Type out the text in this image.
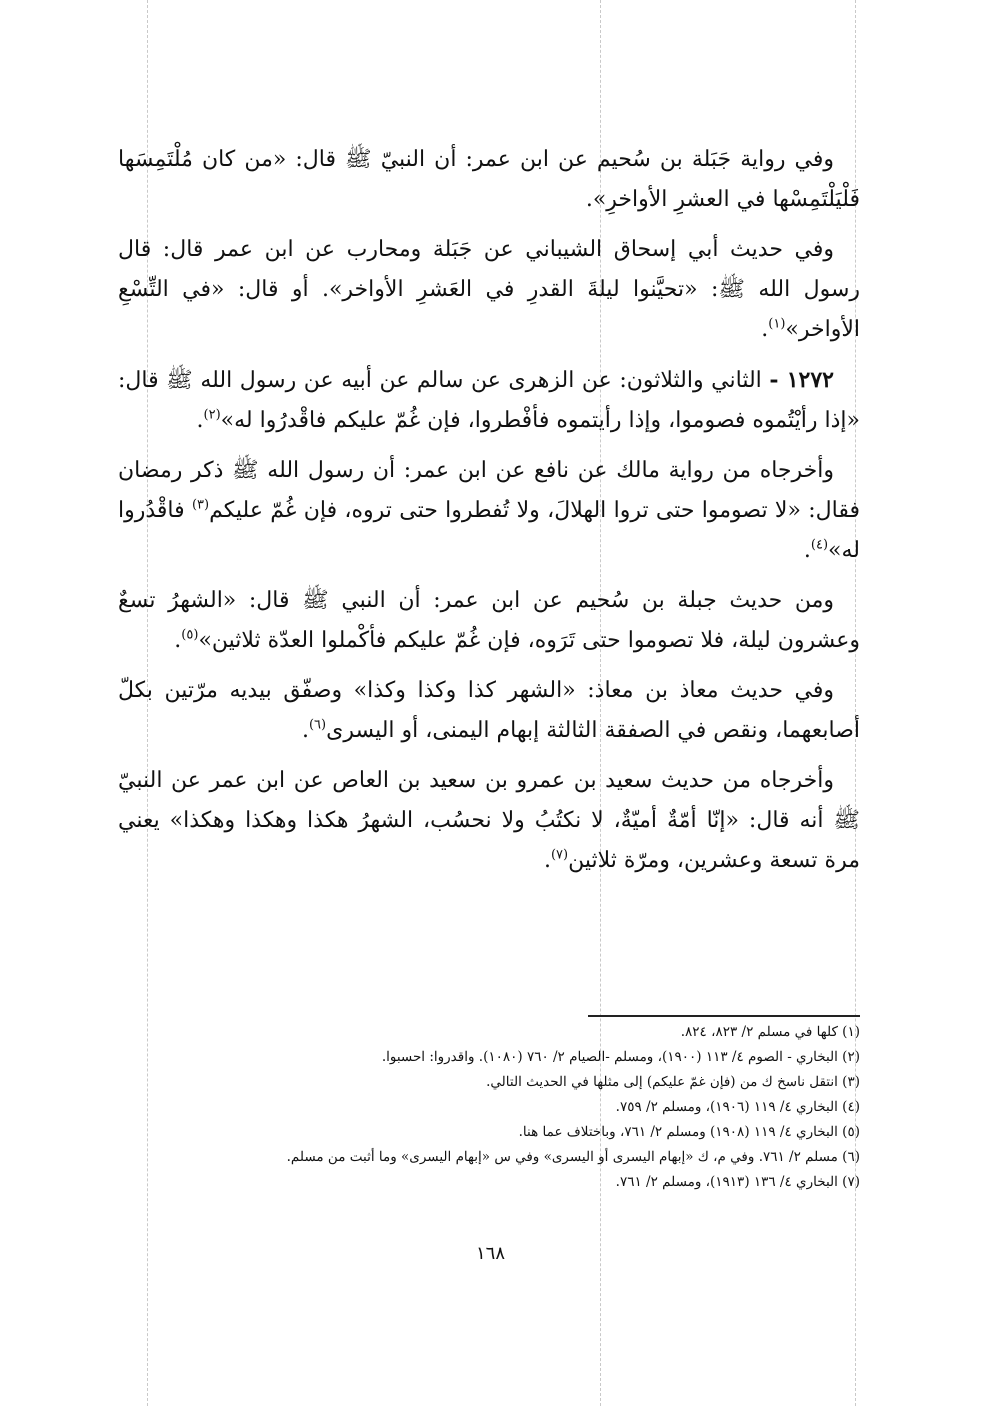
وفي رواية جَبَلة بن سُحيم عن ابن عمر: أن النبيّ ﷺ قال: «من كان مُلْتَمِسَها فَلْيَلْتَمِسْها في العشرِ الأواخرِ».

وفي حديث أبي إسحاق الشيباني عن جَبَلة ومحارب عن ابن عمر قال: قال رسول الله ﷺ: «تحيَّنوا ليلةَ القدرِ في العَشرِ الأواخر». أو قال: «في التِّسْعِ الأواخر»$^{(١)}$.

١٢٧٢ - الثاني والثلاثون: عن الزهرى عن سالم عن أبيه عن رسول الله ﷺ قال: «إذا رأيْتُموه فصوموا، وإذا رأيتموه فأفْطروا، فإن غُمّ عليكم فاقْدرُوا له»$^{(٢)}$.

وأخرجاه من رواية مالك عن نافع عن ابن عمر: أن رسول الله ﷺ ذكر رمضان فقال: «لا تصوموا حتى تروا الهلالَ، ولا تُفطروا حتى تروه، فإن غُمّ عليكم$^{(٣)}$ فاقْدُروا له»$^{(٤)}$.

ومن حديث جبلة بن سُحيم عن ابن عمر: أن النبي ﷺ قال: «الشهرُ تسعٌ وعشرون ليلة، فلا تصوموا حتى تَرَوه، فإن غُمّ عليكم فأكْملوا العدّة ثلاثين»$^{(٥)}$.

وفي حديث معاذ بن معاذ: «الشهر كذا وكذا وكذا» وصفّق بيديه مرّتين بكلّ أصابعهما، ونقص في الصفقة الثالثة إبهام اليمنى، أو اليسرى$^{(٦)}$.

وأخرجاه من حديث سعيد بن عمرو بن سعيد بن العاص عن ابن عمر عن النبيّ ﷺ أنه قال: «إنّا أمّةٌ أميّةٌ، لا نكتُبُ ولا نحسُب، الشهرُ هكذا وهكذا وهكذا» يعني مرة تسعة وعشرين، ومرّة ثلاثين$^{(٧)}$.

(١) كلها في مسلم ٢/ ٨٢٣، ٨٢٤.
(٢) البخاري - الصوم ٤/ ١١٣ (١٩٠٠)، ومسلم -الصيام ٢/ ٧٦٠ (١٠٨٠). واقدروا: احسبوا.
(٣) انتقل ناسخ ك من (فإن غمّ عليكم) إلى مثلها في الحديث التالي.
(٤) البخاري ٤/ ١١٩ (١٩٠٦)، ومسلم ٢/ ٧٥٩.
(٥) البخاري ٤/ ١١٩ (١٩٠٨) ومسلم ٢/ ٧٦١، وباختلاف عما هنا.
(٦) مسلم ٢/ ٧٦١. وفي م، ك «إبهام اليسرى أو اليسرى» وفي س «إبهام اليسرى» وما أثبت من مسلم.
(٧) البخاري ٤/ ١٣٦ (١٩١٣)، ومسلم ٢/ ٧٦١.
١٦٨
